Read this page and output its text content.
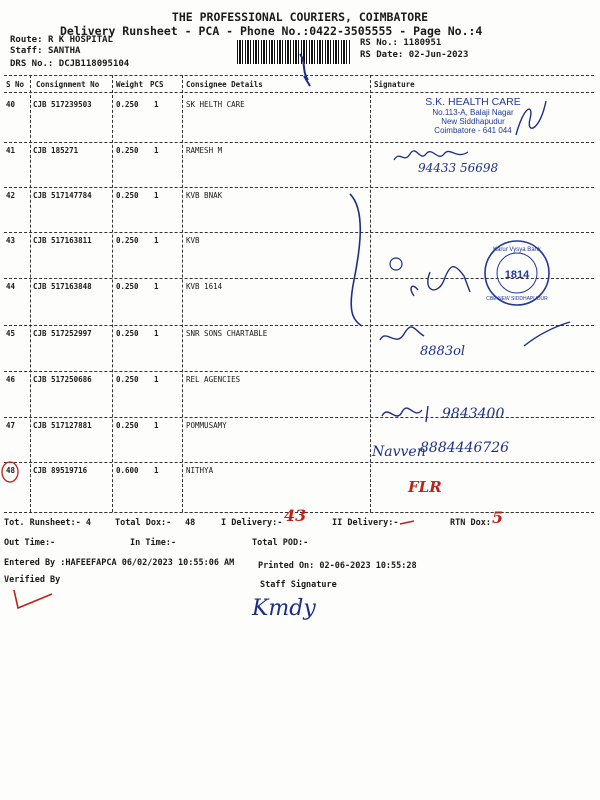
THE PROFESSIONAL COURIERS, COIMBATORE
Delivery Runsheet - PCA - Phone No.:0422-3505555 - Page No.:4
Route: R K HOSPITAL
Staff: SANTHA
DRS No.: DCJB118095104
RS No.: 1180951
RS Date: 02-Jun-2023
S No Consignment No Weight PCS	Consignee Details	Signature
40 CJB 517239503	0.250 1	SK HELTH CARE
41 CJB 185271	0.250 1	RAMESH M
42 CJB 517147784	0.250 1	KVB BNAK
43 CJB 517163811	0.250 1	KVB
44 CJB 517163848	0.250 1	KVB 1614
45 CJB 517252997	0.250 1	SNR SONS CHARTABLE
46 CJB 517250686	0.250 1	REL AGENCIES
47 CJB 517127881	0.250 1	POMMUSAMY
48 CJB 89519716	0.600 1	NITHYA
S.K. HEALTH CARE
No.113-A, Balaji Nagar
New Siddhapudur
Coimbatore - 641 044
94433 56698
1814
Karur Vysya Bank
CBE NEW SIDDHAPUDUR
8883ol
9843400
Navven
8884446726
FLR
Tot. Runsheet:- 4	Total Dox:- 48	I Delivery:- 43	II Delivery:-	RTN Dox: 5
Out Time:-	In Time:-	Total POD:-
Entered By :HAFEEFAPCA 06/02/2023 10:55:06 AM	Printed On: 02-06-2023 10:55:28
Verified By	Staff Signature
Kmdy
